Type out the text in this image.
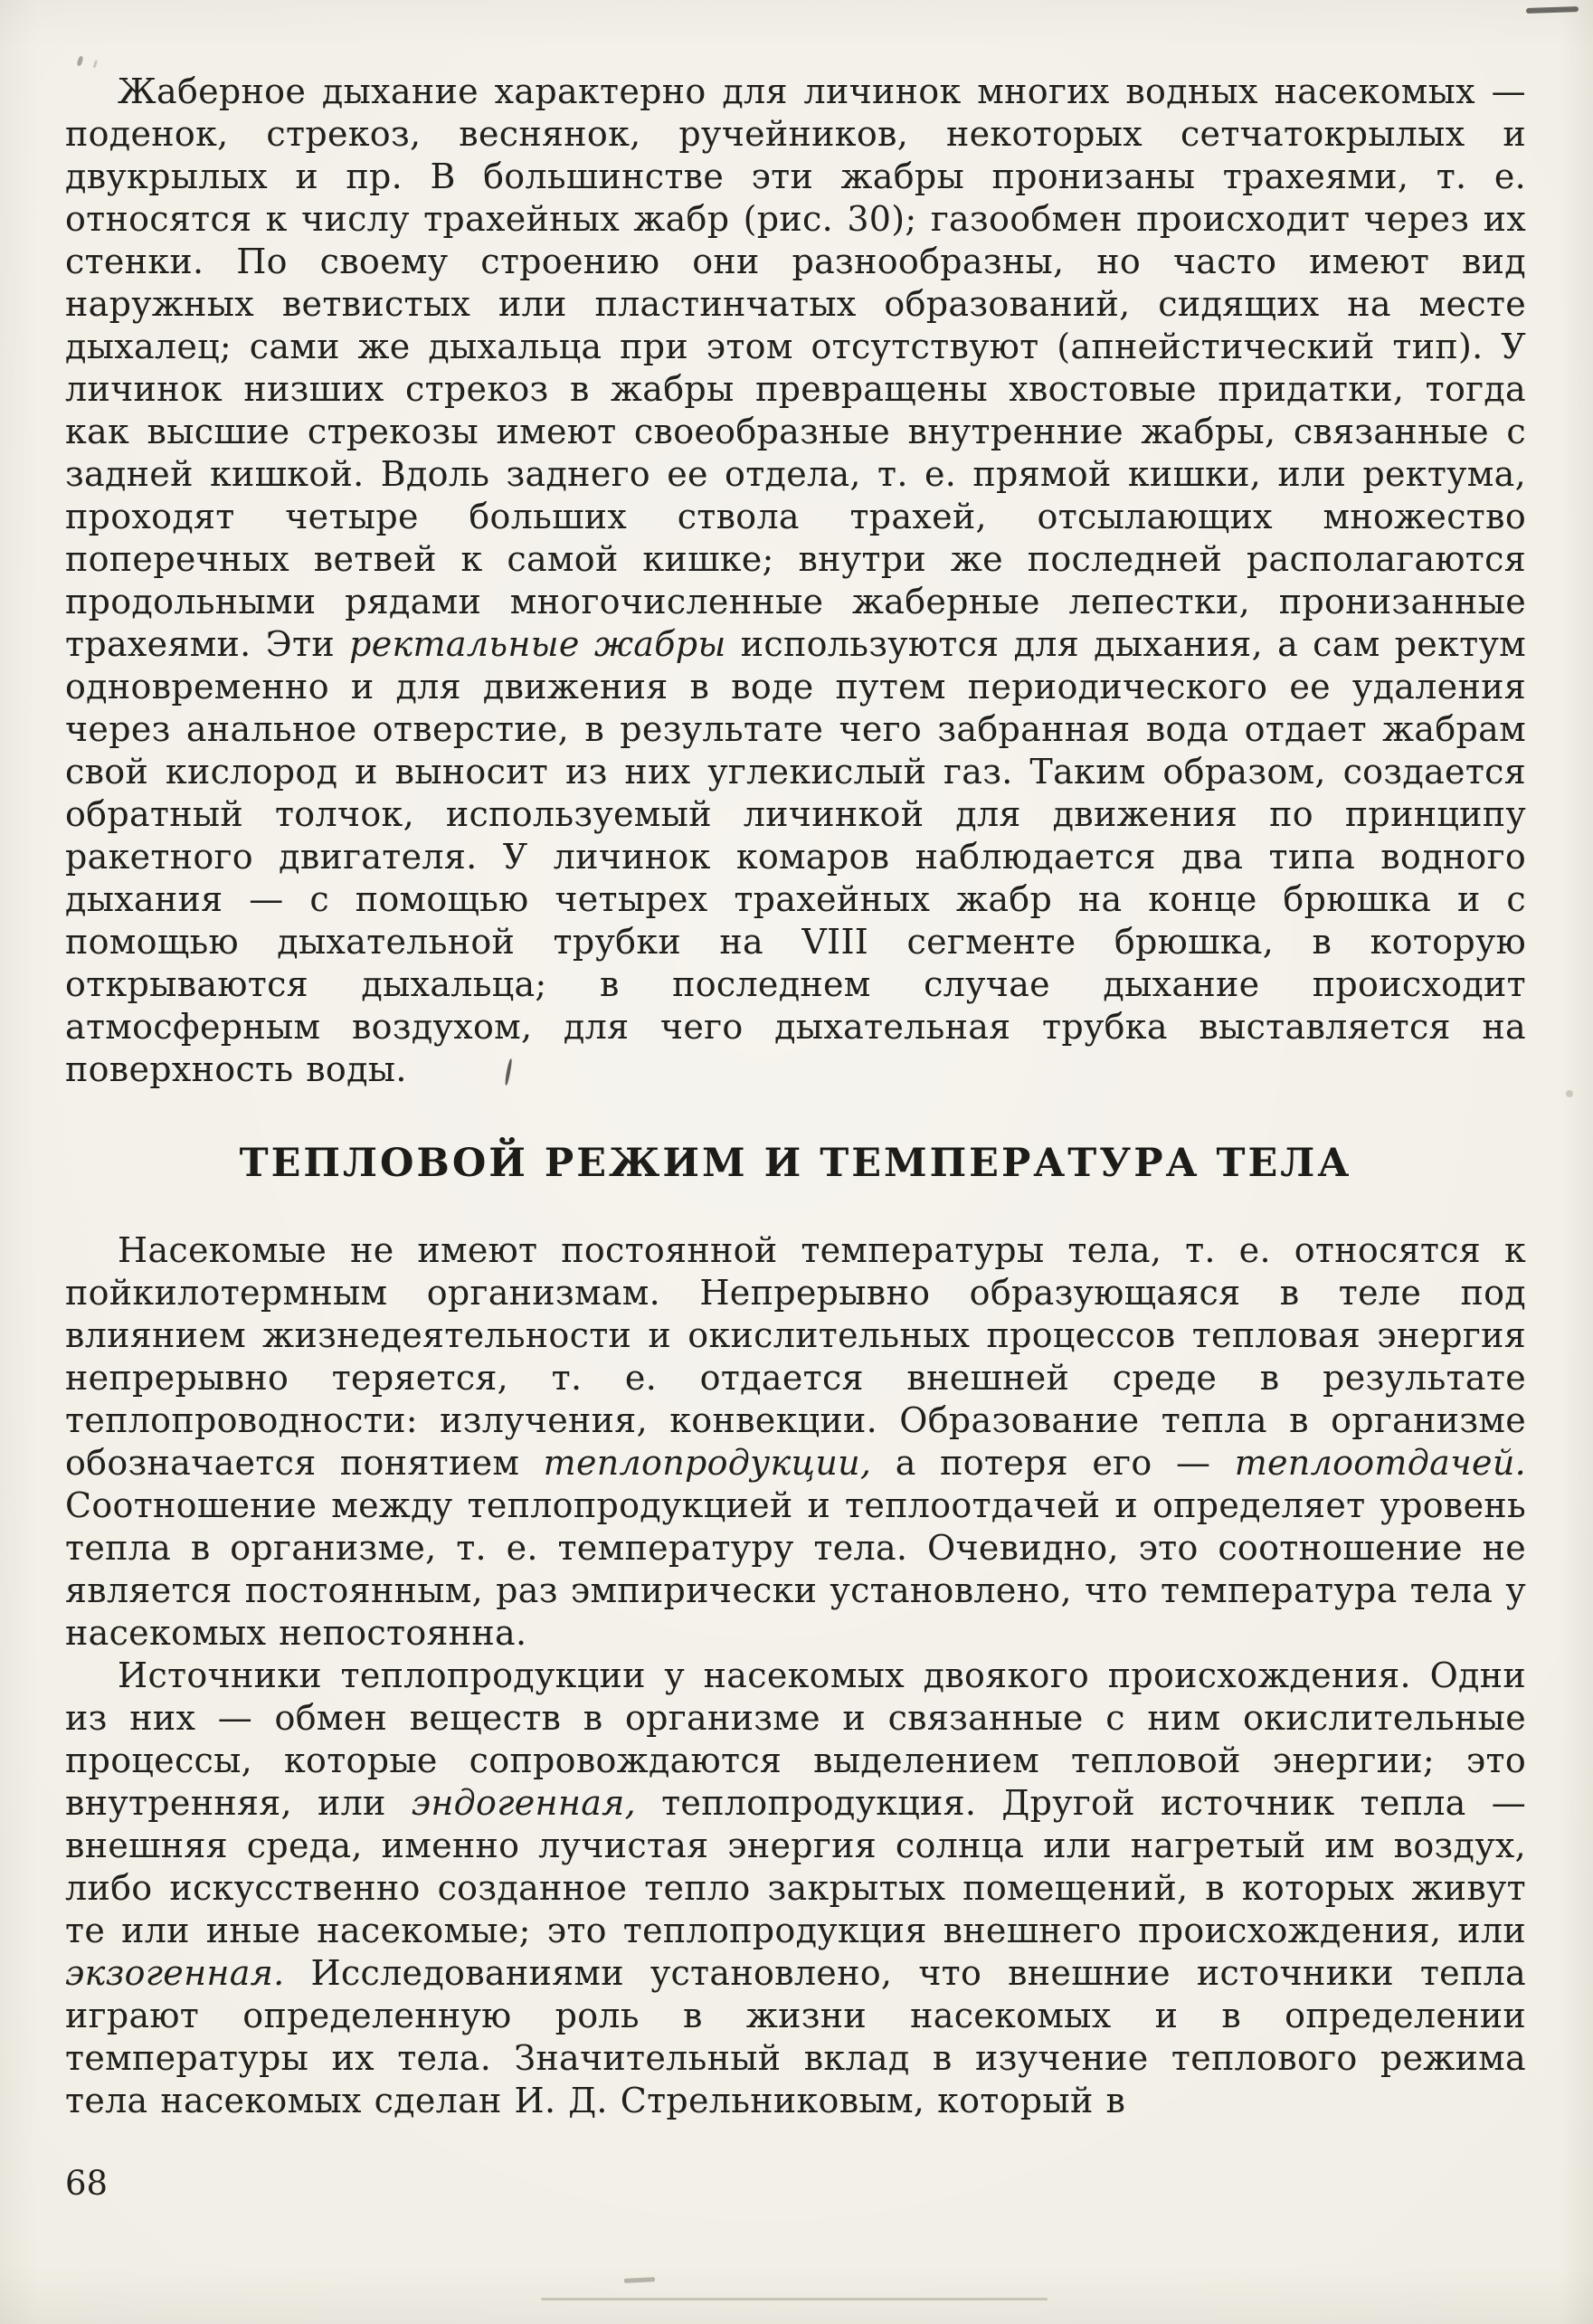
Жаберное дыхание характерно для личинок многих водных насекомых — поденок, стрекоз, веснянок, ручейников, некоторых сетчатокрылых и двукрылых и пр. В большинстве эти жабры пронизаны трахеями, т. е. относятся к числу трахейных жабр (рис. 30); газообмен происходит через их стенки. По своему строению они разнообразны, но часто имеют вид наружных ветвистых или пластинчатых образований, сидящих на месте дыхалец; сами же дыхальца при этом отсутствуют (апнейстический тип). У личинок низших стрекоз в жабры превращены хвостовые придатки, тогда как высшие стрекозы имеют своеобразные внутренние жабры, связанные с задней кишкой. Вдоль заднего ее отдела, т. е. прямой кишки, или ректума, проходят четыре больших ствола трахей, отсылающих множество поперечных ветвей к самой кишке; внутри же последней располагаются продольными рядами многочисленные жаберные лепестки, пронизанные трахеями. Эти ректальные жабры используются для дыхания, а сам ректум одновременно и для движения в воде путем периодического ее удаления через анальное отверстие, в результате чего забранная вода отдает жабрам свой кислород и выносит из них углекислый газ. Таким образом, создается обратный толчок, используемый личинкой для движения по принципу ракетного двигателя. У личинок комаров наблюдается два типа водного дыхания — с помощью четырех трахейных жабр на конце брюшка и с помощью дыхательной трубки на VIII сегменте брюшка, в которую открываются дыхальца; в последнем случае дыхание происходит атмосферным воздухом, для чего дыхательная трубка выставляется на поверхность воды.

ТЕПЛОВОЙ РЕЖИМ И ТЕМПЕРАТУРА ТЕЛА

Насекомые не имеют постоянной температуры тела, т. е. относятся к пойкилотермным организмам. Непрерывно образующаяся в теле под влиянием жизнедеятельности и окислительных процессов тепловая энергия непрерывно теряется, т. е. отдается внешней среде в результате теплопроводности: излучения, конвекции. Образование тепла в организме обозначается понятием теплопродукции, а потеря его — теплоотдачей. Соотношение между теплопродукцией и теплоотдачей и определяет уровень тепла в организме, т. е. температуру тела. Очевидно, это соотношение не является постоянным, раз эмпирически установлено, что температура тела у насекомых непостоянна.

Источники теплопродукции у насекомых двоякого происхождения. Одни из них — обмен веществ в организме и связанные с ним окислительные процессы, которые сопровождаются выделением тепловой энергии; это внутренняя, или эндогенная, теплопродукция. Другой источник тепла — внешняя среда, именно лучистая энергия солнца или нагретый им воздух, либо искусственно созданное тепло закрытых помещений, в которых живут те или иные насекомые; это теплопродукция внешнего происхождения, или экзогенная. Исследованиями установлено, что внешние источники тепла играют определенную роль в жизни насекомых и в определении температуры их тела. Значительный вклад в изучение теплового режима тела насекомых сделан И. Д. Стрельниковым, который в

68
